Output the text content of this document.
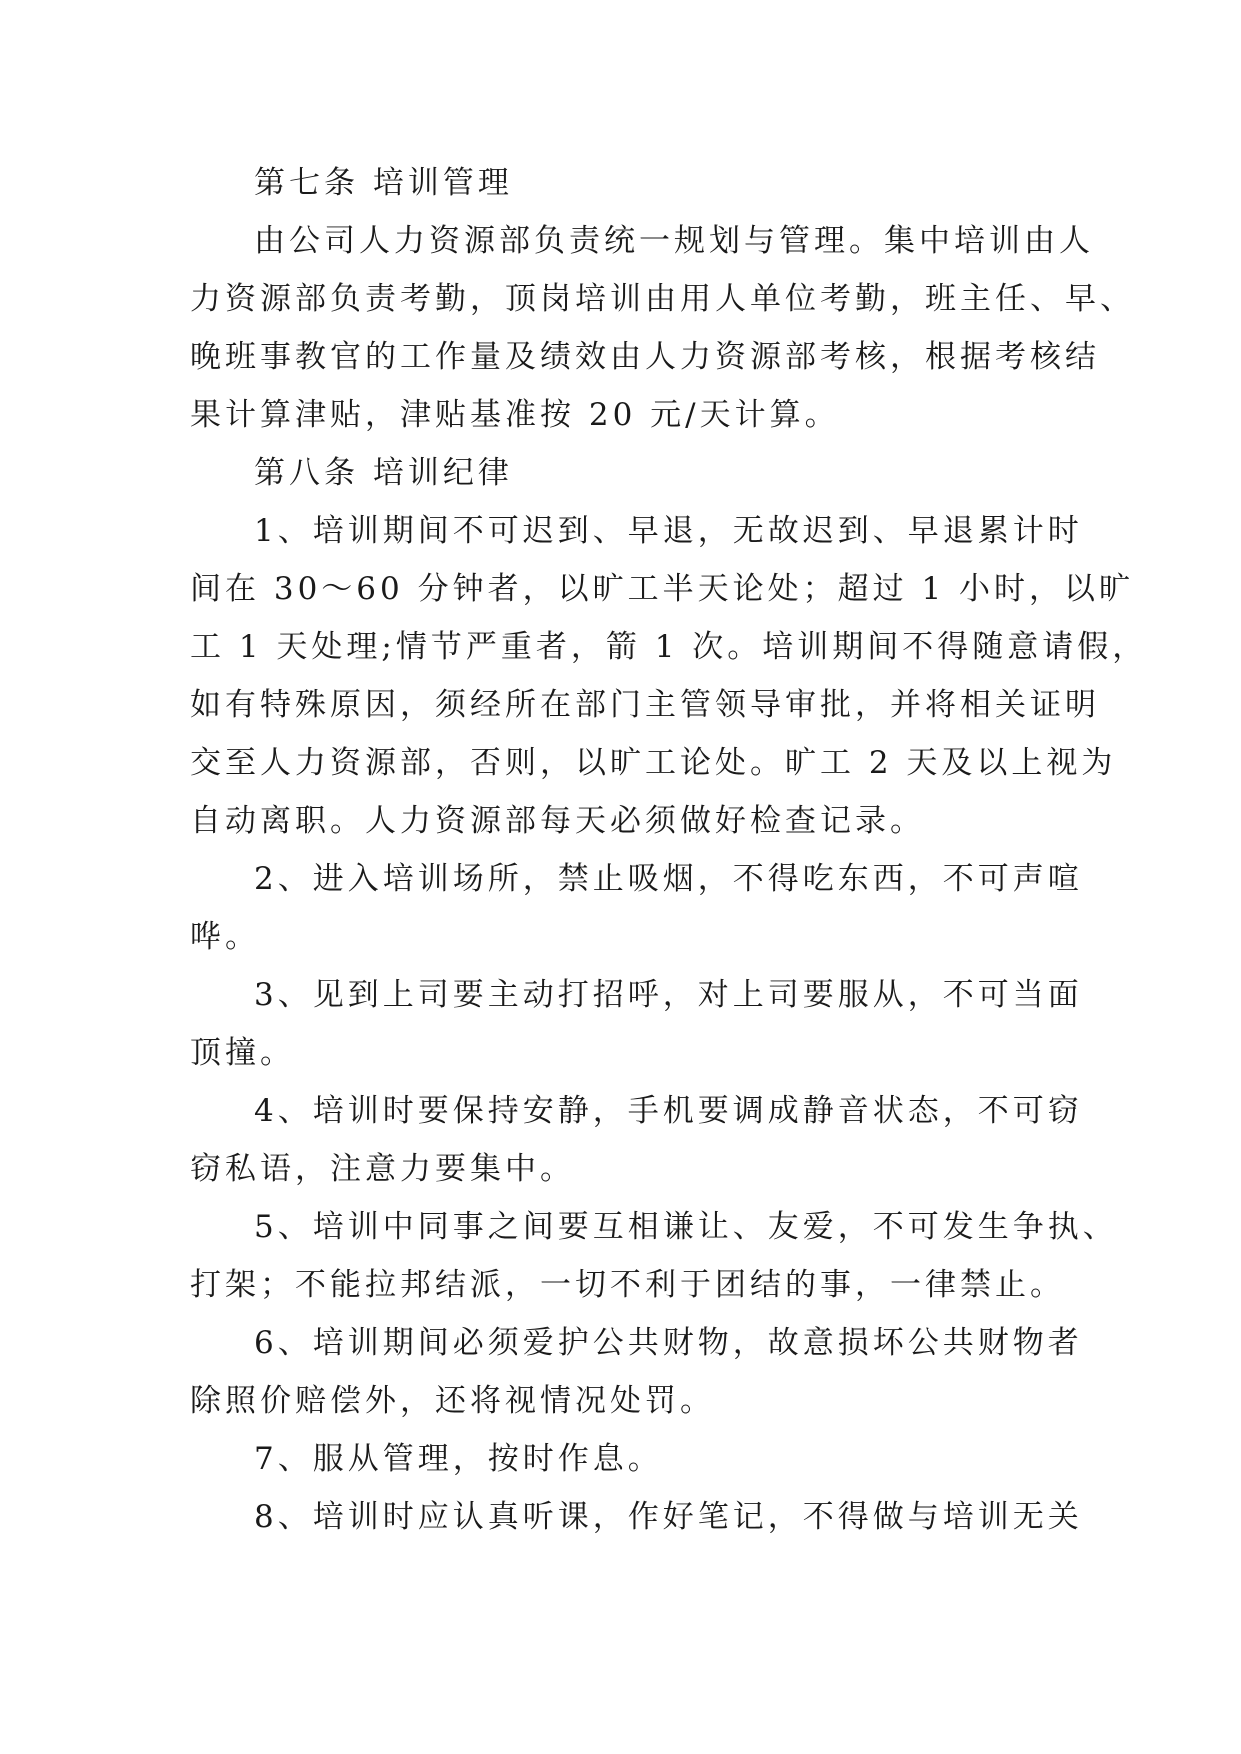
第七条 培训管理
由公司人力资源部负责统一规划与管理。集中培训由人
力资源部负责考勤，顶岗培训由用人单位考勤，班主任、早、
晚班事教官的工作量及绩效由人力资源部考核，根据考核结
果计算津贴，津贴基准按 20 元/天计算。
第八条 培训纪律
1、培训期间不可迟到、早退，无故迟到、早退累计时
间在 30～60 分钟者，以旷工半天论处；超过 1 小时，以旷
工 1 天处理;情节严重者，箭 1 次。培训期间不得随意请假，
如有特殊原因，须经所在部门主管领导审批，并将相关证明
交至人力资源部，否则，以旷工论处。旷工 2 天及以上视为
自动离职。人力资源部每天必须做好检查记录。
2、进入培训场所，禁止吸烟，不得吃东西，不可声喧
哗。
3、见到上司要主动打招呼，对上司要服从，不可当面
顶撞。
4、培训时要保持安静，手机要调成静音状态，不可窃
窃私语，注意力要集中。
5、培训中同事之间要互相谦让、友爱，不可发生争执、
打架；不能拉邦结派，一切不利于团结的事，一律禁止。
6、培训期间必须爱护公共财物，故意损坏公共财物者
除照价赔偿外，还将视情况处罚。
7、服从管理，按时作息。
8、培训时应认真听课，作好笔记，不得做与培训无关
